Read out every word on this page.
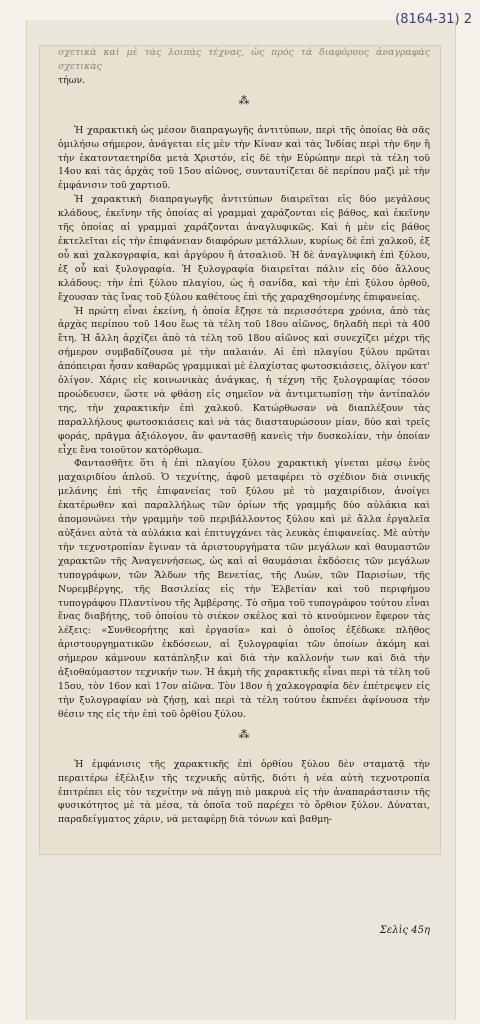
(8164-31) 2

σχετικὰ καὶ μὲ τὰς λοιπὰς τέχνας, ὡς πρὸς τὰ διαφόρους ἀναγραφὰς σχετικὰς

τήων.

⁂

Ἡ χαρακτικὴ ὡς μέσον διαπραγωγῆς ἀντιτύπων, περὶ τῆς ὁποίας θὰ σᾶς ὁμιλήσω σήμερον, ἀνάγεται εἰς μὲν τὴν Κίναν καὶ τὰς Ἰνδίας περὶ τὴν 6ην ἢ τὴν ἑκατονταετηρίδα μετὰ Χριστόν, εἰς δὲ τὴν Εὐρώπην περὶ τὰ τέλη τοῦ 14ου καὶ τὰς ἀρχὰς τοῦ 15ου αἰῶνος, συνταυτίζεται δὲ περίπου μαζὶ μὲ τὴν ἐμφάνισιν τοῦ χαρτιοῦ.

Ἡ χαρακτικὴ διαπραγωγῆς ἀντιτύπων διαιρεῖται εἰς δύο μεγάλους κλάδους, ἐκεῖνην τῆς ὁποίας αἱ γραμμαὶ χαράζονται εἰς βάθος, καὶ ἐκεῖνην τῆς ὁποίας αἱ γραμμαὶ χαράζονται ἀναγλυφικῶς. Καὶ ἡ μὲν εἰς βάθος ἐκτελεῖται εἰς τὴν ἐπιφάνειαν διαφόρων μετάλλων, κυρίως δὲ ἐπὶ χαλκοῦ, ἐξ οὗ καὶ χαλκογραφία, καὶ ἀργύρου ἢ ἀτσαλιοῦ. Ἡ δὲ ἀναγλυφικὴ ἐπὶ ξύλου, ἐξ οὗ καὶ ξυλογραφία. Ἡ ξυλογραφία διαιρεῖται πάλιν εἰς δύο ἄλλους κλάδους: τὴν ἐπὶ ξύλου πλαγίου, ὡς ἡ σανίδα, καὶ τὴν ἐπὶ ξύλου ὀρθοῦ, ἔχουσαν τὰς ἴνας τοῦ ξύλου καθέτους ἐπὶ τῆς χαραχθησομένης ἐπιφανείας.

Ἡ πρώτη εἶναι ἐκείνη, ἡ ὁποία ἔζησε τὰ περισσότερα χρόνια, ἀπὸ τὰς ἀρχὰς περίπου τοῦ 14ου ἕως τὰ τέλη τοῦ 18ου αἰῶνος, δηλαδὴ περὶ τὰ 400 ἔτη. Ἡ ἄλλη ἀρχίζει ἀπὸ τὰ τέλη τοῦ 18ου αἰῶνος καὶ συνεχίζει μέχρι τῆς σήμερον συμβαδίζουσα μὲ τὴν παλαιάν. Αἱ ἐπὶ πλαγίου ξύλου πρῶται ἀπόπειραι ἦσαν καθαρῶς γραμμικαὶ μὲ ἐλαχίστας φωτοσκιάσεις, ὀλίγον κατ' ὀλίγον. Χάρις εἰς κοινωνικὰς ἀνάγκας, ἡ τέχνη τῆς ξυλογραφίας τόσον προώδευσεν, ὥστε νὰ φθάσῃ εἰς σημεῖον νὰ ἀντιμετωπίσῃ τὴν ἀντίπαλόν της, τὴν χαρακτικὴν ἐπὶ χαλκοῦ. Κατώρθωσαν νὰ διαπλέξουν τὰς παραλλήλους φωτοσκιάσεις καὶ νὰ τὰς διασταυρώσουν μίαν, δύο καὶ τρεῖς φοράς, πρᾶγμα ἀξιόλογον, ἂν φαντασθῇ κανεὶς τὴν δυσκολίαν, τὴν ὁποίαν εἶχε ἕνα τοιοῦτον κατόρθωμα.

Φαντασθῆτε ὅτι ἡ ἐπὶ πλαγίου ξύλου χαρακτικὴ γίνεται μέσῳ ἑνὸς μαχαιριδίου ἁπλοῦ. Ὁ τεχνίτης, ἀφοῦ μεταφέρει τὸ σχέδιον διὰ σινικῆς μελάνης ἐπὶ τῆς ἐπιφανείας τοῦ ξύλου μὲ τὸ μαχαιρίδιον, ἀνοίγει ἑκατέρωθεν καὶ παραλλήλως τῶν ὁρίων τῆς γραμμῆς δύο αὐλάκια καὶ ἀπομονώνει τὴν γραμμὴν τοῦ περιβάλλοντος ξύλου καὶ μὲ ἄλλα ἐργαλεῖα αὐξάνει αὐτὰ τὰ αὐλάκια καὶ ἐπιτυγχάνει τὰς λευκὰς ἐπιφανείας. Μὲ αὐτὴν τὴν τεχνοτροπίαν ἔγιναν τὰ ἀριστουργήματα τῶν μεγάλων καὶ θαυμαστῶν χαρακτῶν τῆς Ἀναγεννήσεως, ὡς καὶ αἱ θαυμάσιαι ἐκδόσεις τῶν μεγάλων τυπογράφων, τῶν Ἄλδων τῆς Βενετίας, τῆς Λυὼν, τῶν Παρισίων, τῆς Νυρεμβέργης, τῆς Βασιλείας εἰς τὴν Ἐλβετίαν καὶ τοῦ περιφήμου τυπογράφου Πλαντίνου τῆς Ἀμβέρσης. Τὸ σῆμα τοῦ τυπογράφου τούτου εἶναι ἕνας διαβήτης, τοῦ ὁποίου τὸ σιέκον σκέλος καὶ τὸ κινούμενον ἔφερον τὰς λέξεις: «Συνθεορήτης καὶ ἐργασία» καὶ ὁ ὁποῖος ἐξέδωκε πλῆθος ἀριστουργηματικῶν ἐκδόσεων, αἱ ξυλογραφίαι τῶν ὁποίων ἀκόμη καὶ σήμερον κάμνουν κατάπληξιν καὶ διὰ τὴν καλλονήν των καὶ διὰ τὴν ἀξιοθαύμαστον τεχνικήν των. Ἡ ἀκμὴ τῆς χαρακτικῆς εἶναι περὶ τὰ τέλη τοῦ 15ου, τὸν 16ον καὶ 17ον αἰῶνα. Τὸν 18ον ἡ χαλκογραφία δὲν ἐπέτρεψεν εἰς τὴν ξυλογραφίαν νὰ ζήσῃ, καὶ περὶ τὰ τέλη τούτου ἐκπνέει ἀφίνουσα τὴν θέσιν της εἰς τὴν ἐπὶ τοῦ ὀρθίου ξύλου.

⁂

Ἡ ἐμφάνισις τῆς χαρακτικῆς ἐπὶ ὀρθίου ξύλου δὲν σταματᾷ τὴν περαιτέρω ἐξέλιξιν τῆς τεχνικῆς αὐτῆς, διότι ἡ νέα αὐτὴ τεχνοτροπία ἐπιτρέπει εἰς τὸν τεχνίτην νὰ πάγῃ πιὸ μακρυὰ εἰς τὴν ἀναπαράστασιν τῆς φυσικότητος μὲ τὰ μέσα, τὰ ὁποῖα τοῦ παρέχει τὸ ὄρθιον ξύλον. Δύναται, παραδείγματος χάριν, νὰ μεταφέρῃ διὰ τόνων καὶ βαθμη-

Σελὶς 45η
